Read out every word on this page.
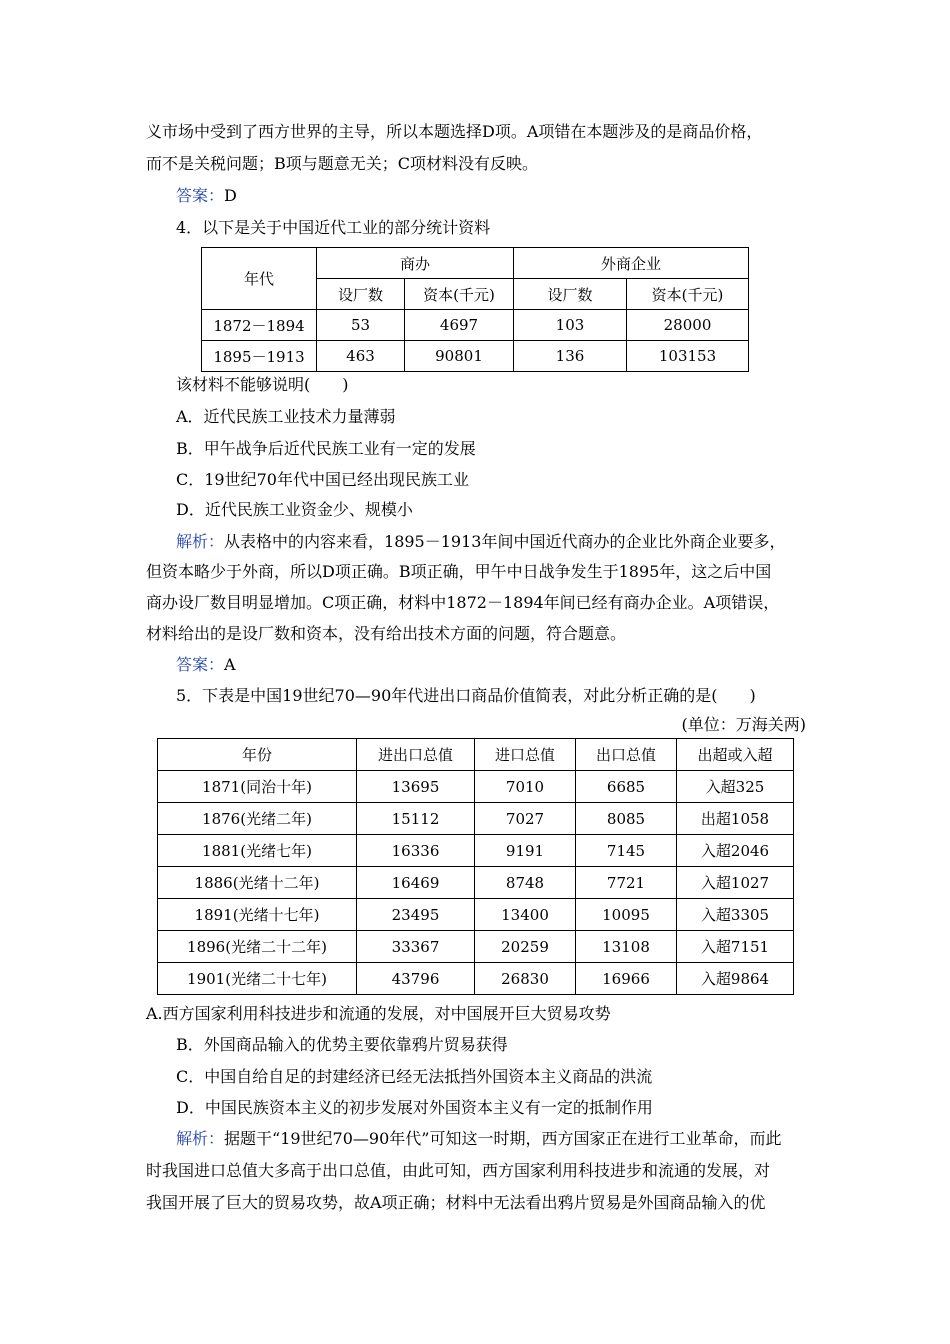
义市场中受到了西方世界的主导，所以本题选择D项。A项错在本题涉及的是商品价格，
而不是关税问题；B项与题意无关；C项材料没有反映。
答案：D
4．以下是关于中国近代工业的部分统计资料
年代	商办		外商企业	
	设厂数	资本(千元)	设厂数	资本(千元)
1872－1894	53	4697	103	28000
1895－1913	463	90801	136	103153
该材料不能够说明(　　)
A．近代民族工业技术力量薄弱
B．甲午战争后近代民族工业有一定的发展
C．19世纪70年代中国已经出现民族工业
D．近代民族工业资金少、规模小
解析：从表格中的内容来看，1895－1913年间中国近代商办的企业比外商企业要多，
但资本略少于外商，所以D项正确。B项正确，甲午中日战争发生于1895年，这之后中国
商办设厂数目明显增加。C项正确，材料中1872－1894年间已经有商办企业。A项错误，
材料给出的是设厂数和资本，没有给出技术方面的问题，符合题意。
答案：A
5．下表是中国19世纪70—90年代进出口商品价值简表，对此分析正确的是(　　)
(单位：万海关两)
年份	进出口总值	进口总值	出口总值	出超或入超
1871(同治十年)	13695	7010	6685	入超325
1876(光绪二年)	15112	7027	8085	出超1058
1881(光绪七年)	16336	9191	7145	入超2046
1886(光绪十二年)	16469	8748	7721	入超1027
1891(光绪十七年)	23495	13400	10095	入超3305
1896(光绪二十二年)	33367	20259	13108	入超7151
1901(光绪二十七年)	43796	26830	16966	入超9864
A.西方国家利用科技进步和流通的发展，对中国展开巨大贸易攻势
B．外国商品输入的优势主要依靠鸦片贸易获得
C．中国自给自足的封建经济已经无法抵挡外国资本主义商品的洪流
D．中国民族资本主义的初步发展对外国资本主义有一定的抵制作用
解析：据题干“19世纪70—90年代”可知这一时期，西方国家正在进行工业革命，而此
时我国进口总值大多高于出口总值，由此可知，西方国家利用科技进步和流通的发展，对
我国开展了巨大的贸易攻势，故A项正确；材料中无法看出鸦片贸易是外国商品输入的优
